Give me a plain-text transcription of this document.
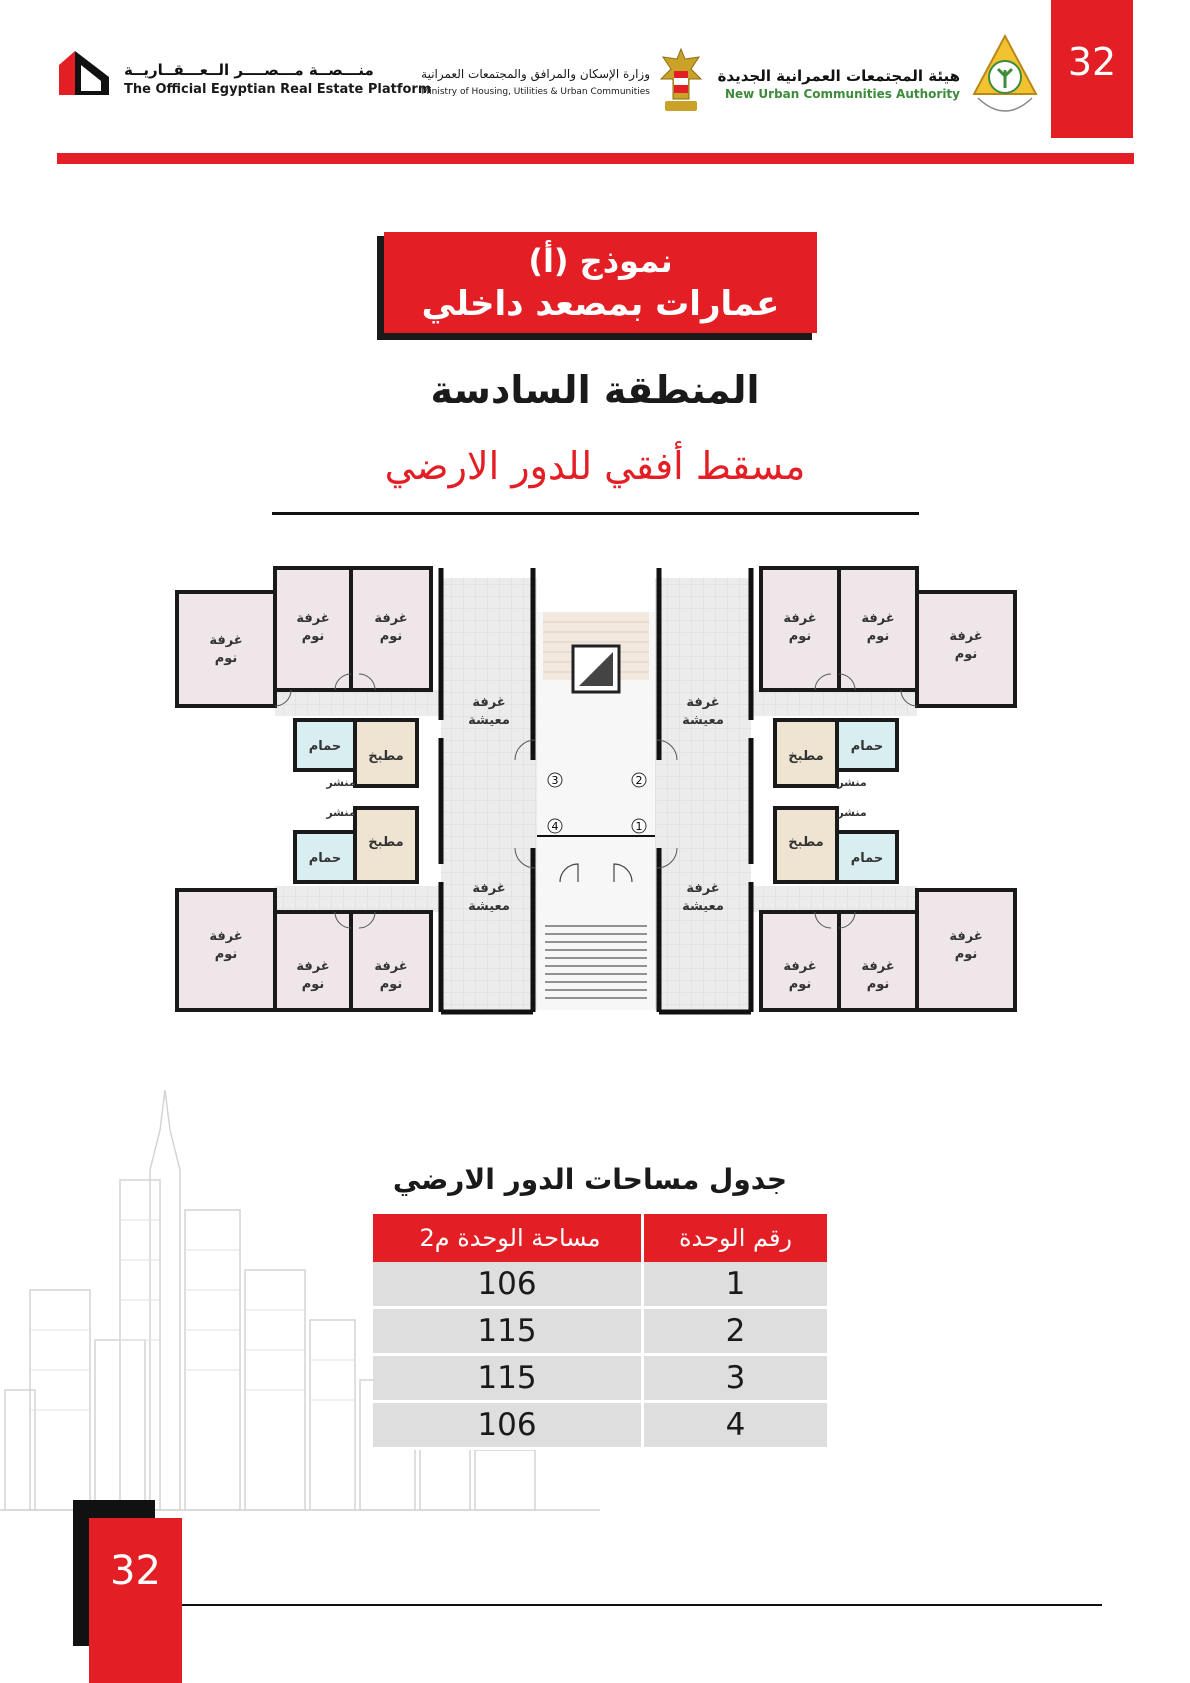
32
هيئة المجتمعات العمرانية الجديدة
New Urban Communities Authority
وزارة الإسكان والمرافق والمجتمعات العمرانية
Ministry of Housing, Utilities & Urban Communities
منـــصــة مـــصــــر الــعـــقــاريــة
The Official Egyptian Real Estate Platform
نموذج (أ)
عمارات بمصعد داخلي
المنطقة السادسة
مسقط أفقي للدور الارضي
3	2
4	1
غرفة
نوم
غرفة
نوم
غرفة
نوم
غرفة
نوم
غرفة
نوم	غرفة
نوم
غرفة
نوم
غرفة
نوم
غرفة
نوم
غرفة
نوم
غرفة
نوم
غرفة
نوم
غرفة
معيشة
غرفة
معيشة
غرفة
معيشة
غرفة
معيشة
مطبخ
مطبخ
مطبخ
مطبخ
حمام
حمام
حمام
حمام
منشر
منشر
منشر
منشر
جدول مساحات الدور الارضي
مساحة الوحدة م2	رقم الوحدة
106	1
115	2
115	3
106	4
32
